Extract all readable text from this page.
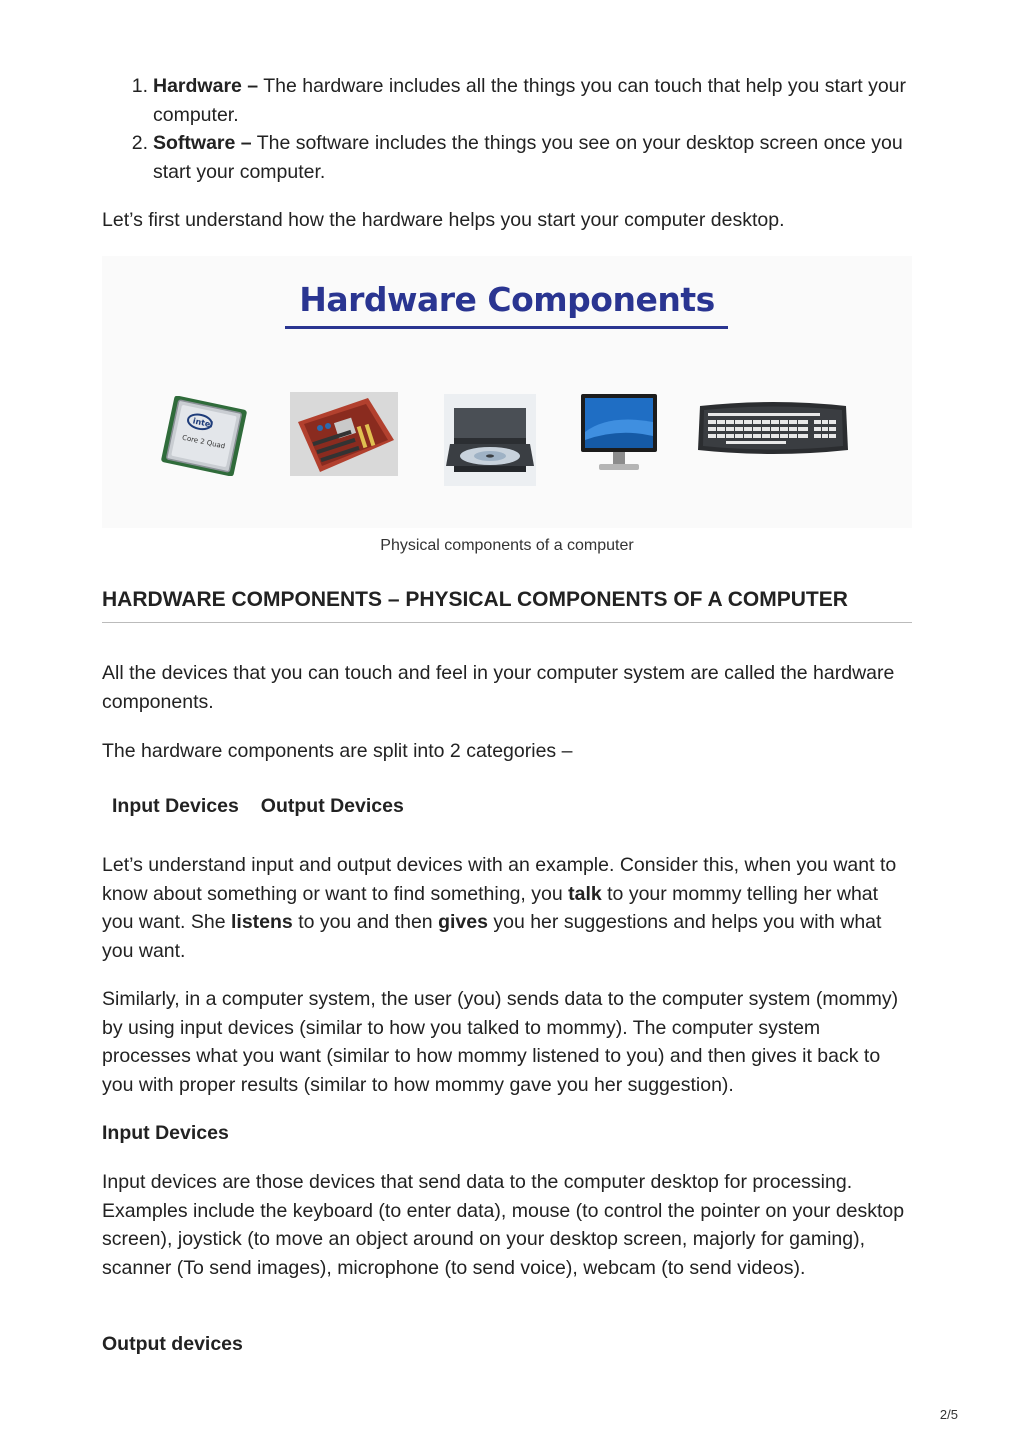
1. Hardware – The hardware includes all the things you can touch that help you start your computer.
2. Software – The software includes the things you see on your desktop screen once you start your computer.

Let’s first understand how the hardware helps you start your computer desktop.

Hardware Components
intel
Core 2 Quad
Physical components of a computer
HARDWARE COMPONENTS – PHYSICAL COMPONENTS OF A COMPUTER

All the devices that you can touch and feel in your computer system are called the hardware components.

The hardware components are split into 2 categories –

Input Devices Output Devices

Let’s understand input and output devices with an example. Consider this, when you want to know about something or want to find something, you talk to your mommy telling her what you want. She listens to you and then gives you her suggestions and helps you with what you want.

Similarly, in a computer system, the user (you) sends data to the computer system (mommy) by using input devices (similar to how you talked to mommy). The computer system processes what you want (similar to how mommy listened to you) and then gives it back to you with proper results (similar to how mommy gave you her suggestion).

Input Devices

Input devices are those devices that send data to the computer desktop for processing. Examples include the keyboard (to enter data), mouse (to control the pointer on your desktop screen), joystick (to move an object around on your desktop screen, majorly for gaming), scanner (To send images), microphone (to send voice), webcam (to send videos).

Output devices
2/5
